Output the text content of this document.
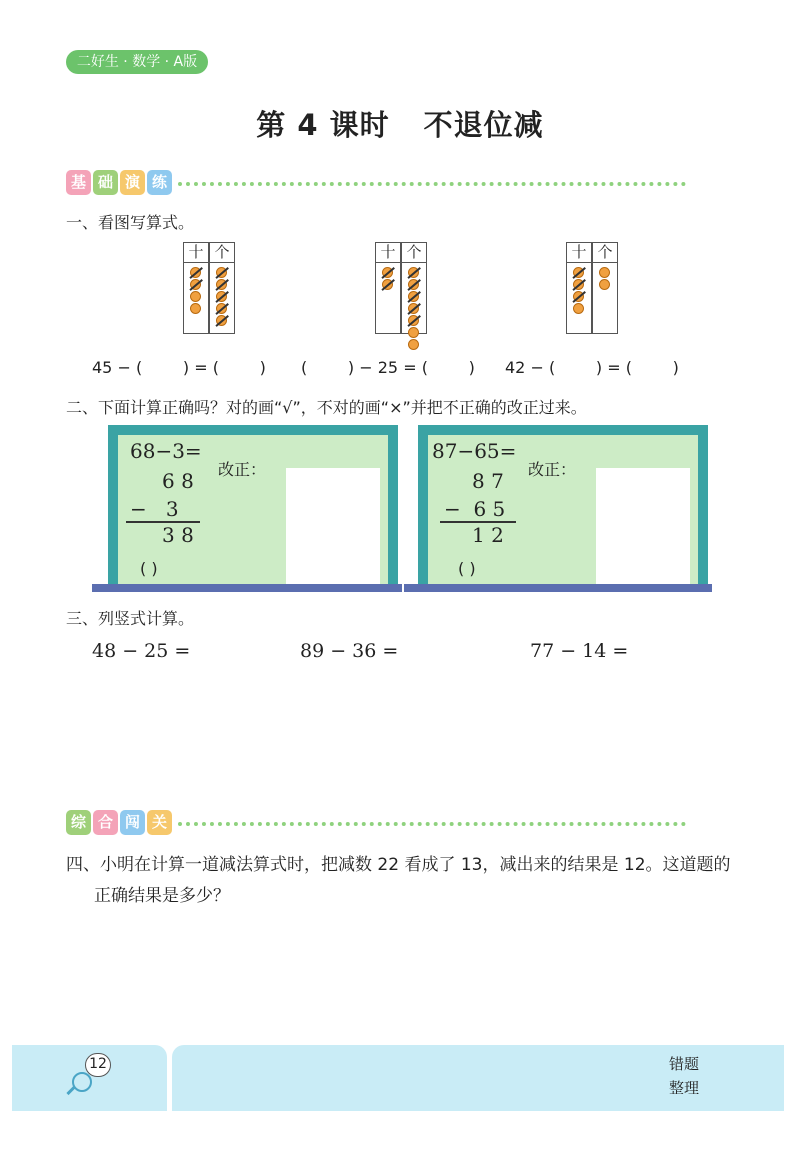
二好生 · 数学 · A版
第 4 课时 不退位减
基 础 演 练
一、看图写算式。
十 个	十 个	十 个
45 − (        ) = (        ) (        ) − 25 = (        ) 42 − (        ) = (        )
二、下面计算正确吗？对的画“√”，不对的画“×”并把不正确的改正过来。
68−3=
6 8
−   3
3 8
( )
改正：
87−65=
8 7
−  6 5
1 2
( )
改正：
三、列竖式计算。
48 − 25 =	89 − 36 =	77 − 14 =
综 合 闯 关
四、小明在计算一道减法算式时，把减数 22 看成了 13，减出来的结果是 12。这道题的
正确结果是多少？
12	错题
整理
